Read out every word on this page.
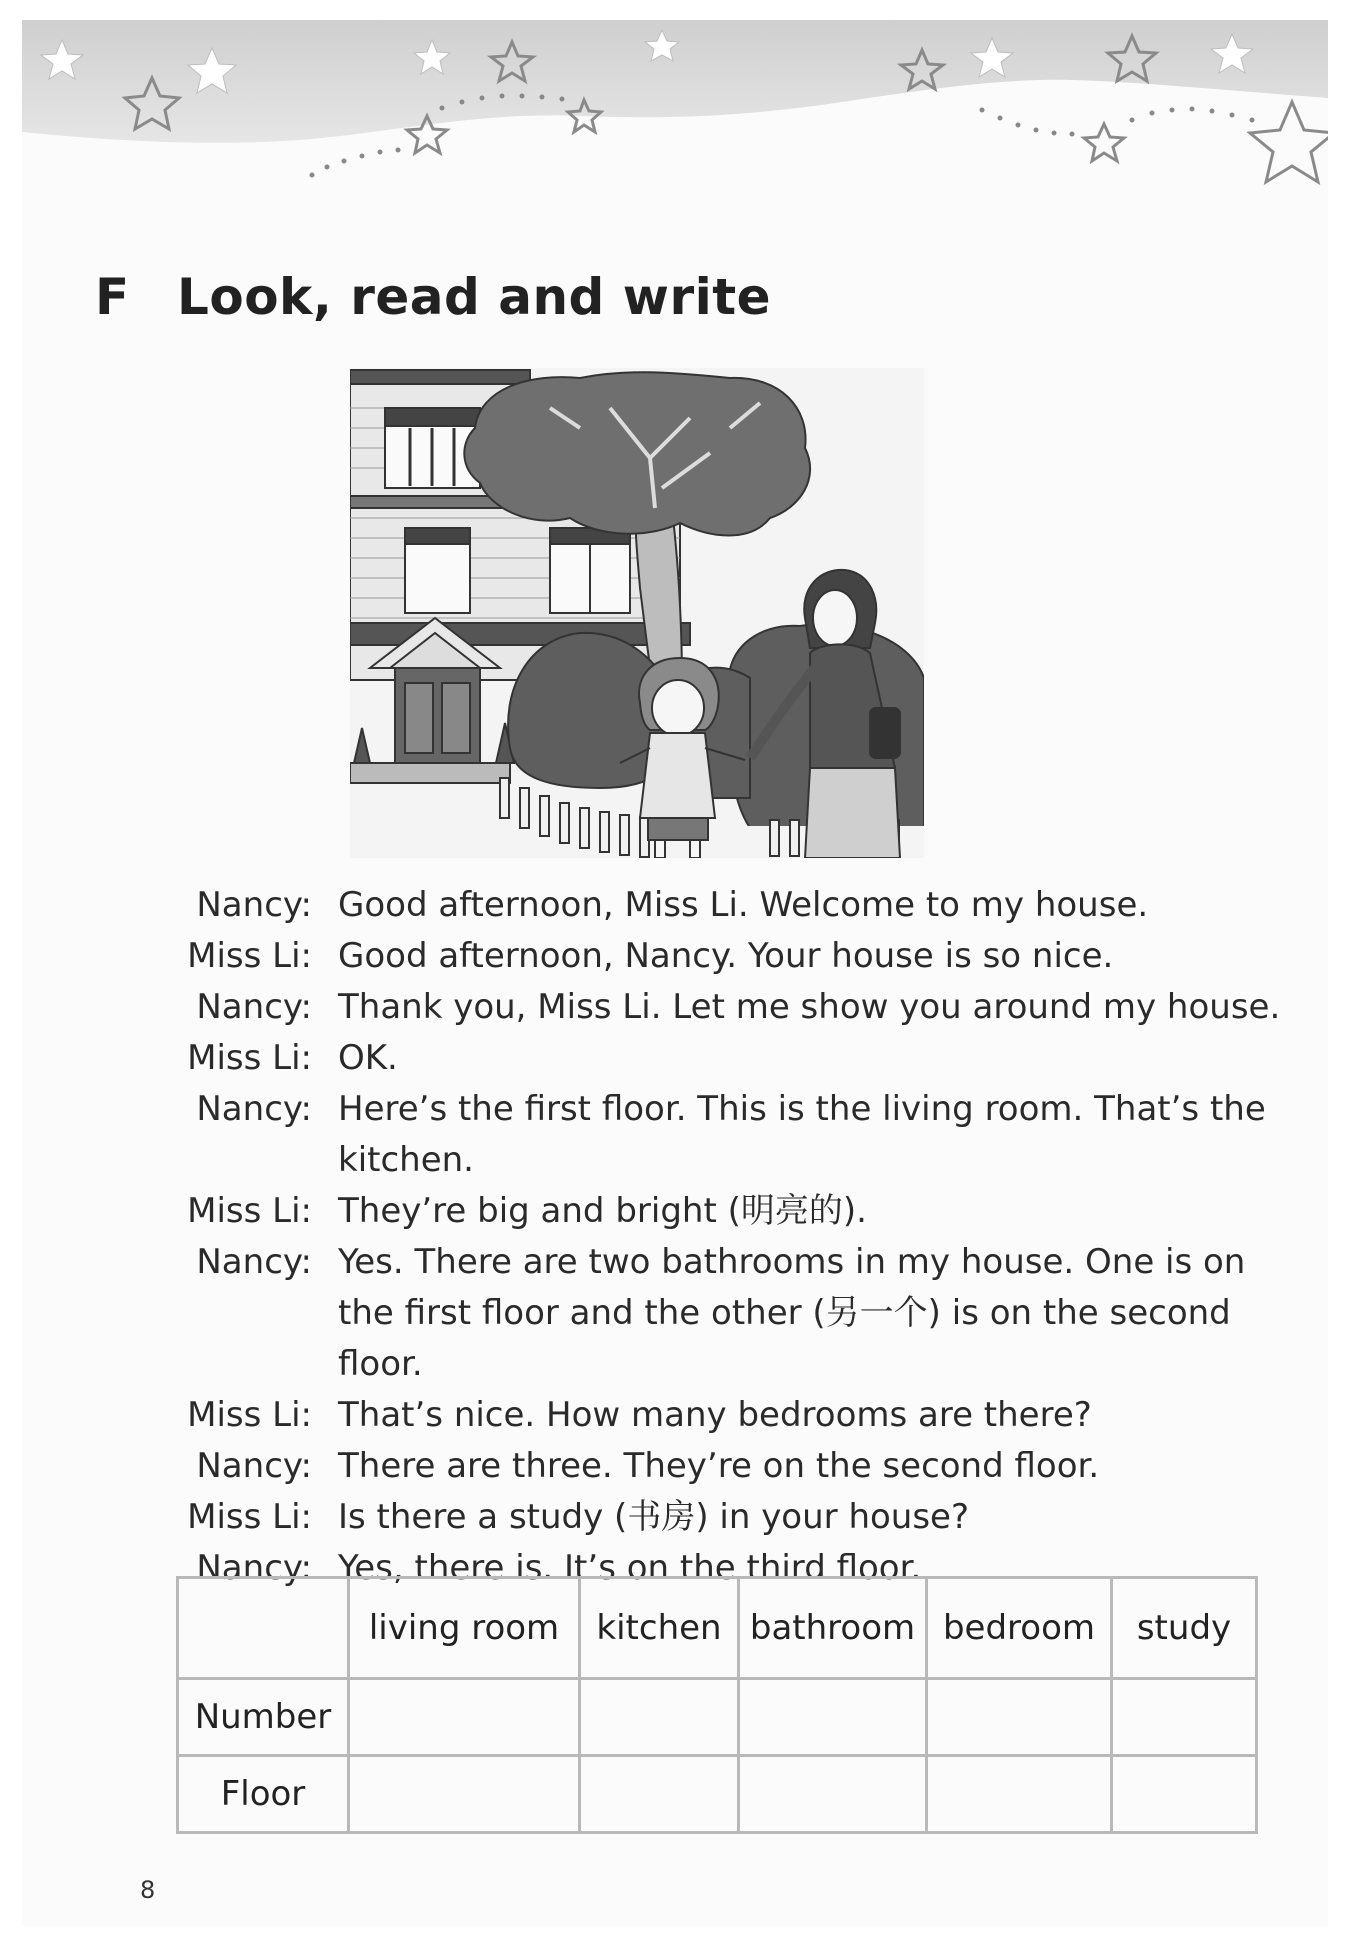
F Look, read and write
Nancy: Good afternoon, Miss Li. Welcome to my house.
Miss Li: Good afternoon, Nancy. Your house is so nice.
Nancy: Thank you, Miss Li. Let me show you around my house.
Miss Li: OK.
Nancy: Here’s the first floor. This is the living room. That’s the kitchen.
Miss Li: They’re big and bright (明亮的).
Nancy: Yes. There are two bathrooms in my house. One is on the first floor and the other (另一个) is on the second floor.
Miss Li: That’s nice. How many bedrooms are there?
Nancy: There are three. They’re on the second floor.
Miss Li: Is there a study (书房) in your house?
Nancy: Yes, there is. It’s on the third floor.
	living room	kitchen	bathroom	bedroom	study
Number					
Floor					
8
